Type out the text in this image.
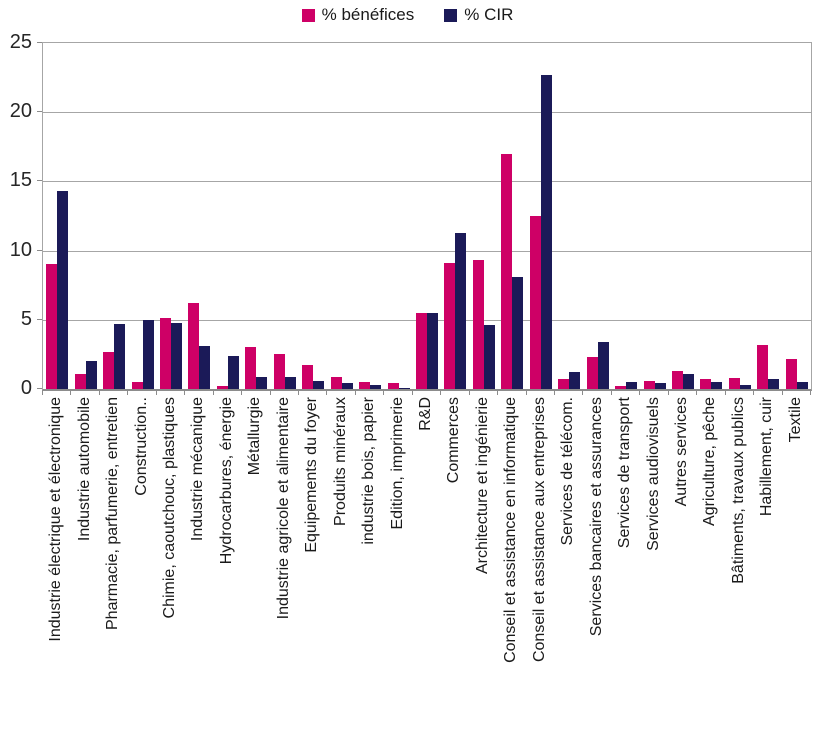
% bénéfices	% CIR
0
5
10
15
20
25
Industrie électrique et électronique Industrie automobile Pharmacie, parfumerie, entretien Construction.. Chimie, caoutchouc, plastiques Industrie mécanique Hydrocarbures, énergie Métallurgie Industrie agricole et alimentaire Equipements du foyer Produits minéraux industrie bois, papier Edition, imprimerie R&D Commerces Architecture et ingénierie Conseil et assistance en informatique Conseil et assistance aux entreprises Services de télécom. Services bancaires et assurances Services de transport Services audiovisuels Autres services Agriculture, pêche Bâtiments, travaux publics Habillement, cuir Textile
